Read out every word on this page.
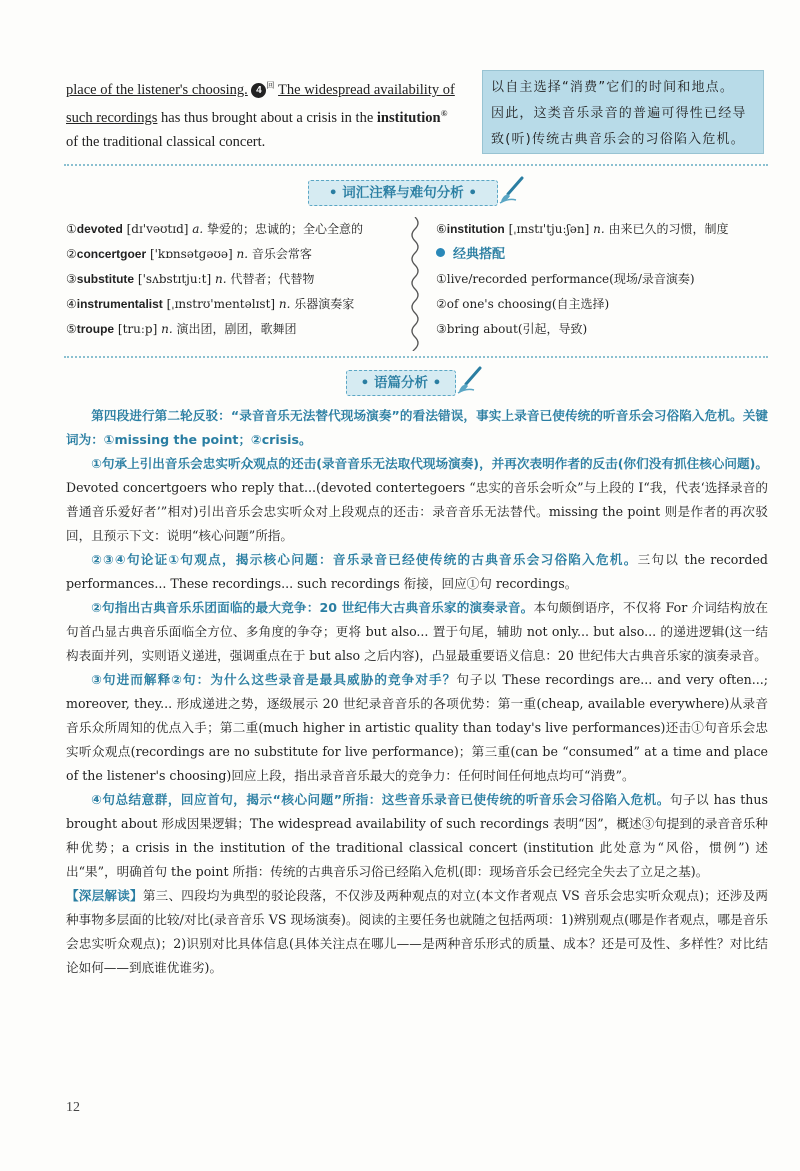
place of the listener's choosing. 4 $^回$ The widespread availability of

such recordings has thus brought about a crisis in the institution⑥

of the traditional classical concert.

以自主选择“消费”它们的时间和地点。

因此，这类音乐录音的普遍可得性已经导

致(听)传统古典音乐会的习俗陷入危机。

• 词汇注释与难句分析 •

①devoted [dɪ'vəʊtɪd] a. 挚爱的；忠诚的；全心全意的

②concertgoer ['kɒnsətɡəʊə] n. 音乐会常客

③substitute ['sʌbstɪtjuːt] n. 代替者；代替物

④instrumentalist [ˌɪnstrʊ'mentəlɪst] n. 乐器演奏家

⑤troupe [truːp] n. 演出团，剧团，歌舞团

⑥institution [ˌɪnstɪ'tjuːʃən] n. 由来已久的习惯，制度

经典搭配

①live/recorded performance(现场/录音演奏)

②of one's choosing(自主选择)

③bring about(引起，导致)

• 语篇分析 •

第四段进行第二轮反驳：“录音音乐无法替代现场演奏”的看法错误，事实上录音已使传统的听音乐会习俗陷入危机。关键词为：①missing the point；②crisis。

①句承上引出音乐会忠实听众观点的还击(录音音乐无法取代现场演奏)，并再次表明作者的反击(你们没有抓住核心问题)。Devoted concertgoers who reply that...(devoted contertegoers “忠实的音乐会听众”与上段的 I“我，代表‘选择录音的普通音乐爱好者’”相对)引出音乐会忠实听众对上段观点的还击：录音音乐无法替代。missing the point 则是作者的再次驳回，且预示下文：说明“核心问题”所指。

②③④句论证①句观点，揭示核心问题：音乐录音已经使传统的古典音乐会习俗陷入危机。三句以 the recorded performances... These recordings... such recordings 衔接，回应①句 recordings。

②句指出古典音乐乐团面临的最大竞争：20 世纪伟大古典音乐家的演奏录音。本句颇倒语序，不仅将 For 介词结构放在句首凸显古典音乐面临全方位、多角度的争夺；更将 but also... 置于句尾，辅助 not only... but also... 的递进逻辑(这一结构表面并列，实则语义递进，强调重点在于 but also 之后内容)，凸显最重要语义信息：20 世纪伟大古典音乐家的演奏录音。

③句进而解释②句：为什么这些录音是最具威胁的竞争对手？句子以 These recordings are... and very often...; moreover, they... 形成递进之势，逐级展示 20 世纪录音音乐的各项优势：第一重(cheap, available everywhere)从录音音乐众所周知的优点入手；第二重(much higher in artistic quality than today's live performances)还击①句音乐会忠实听众观点(recordings are no substitute for live performance)；第三重(can be “consumed” at a time and place of the listener's choosing)回应上段，指出录音音乐最大的竞争力：任何时间任何地点均可“消费”。

④句总结意群，回应首句，揭示“核心问题”所指：这些音乐录音已使传统的听音乐会习俗陷入危机。句子以 has thus brought about 形成因果逻辑；The widespread availability of such recordings 表明“因”，概述③句提到的录音音乐种种优势；a crisis in the institution of the traditional classical concert (institution 此处意为“风俗，惯例”) 述出“果”，明确首句 the point 所指：传统的古典音乐习俗已经陷入危机(即：现场音乐会已经完全失去了立足之基)。

【深层解读】第三、四段均为典型的驳论段落，不仅涉及两种观点的对立(本文作者观点 VS 音乐会忠实听众观点)；还涉及两种事物多层面的比较/对比(录音音乐 VS 现场演奏)。阅读的主要任务也就随之包括两项：1)辨别观点(哪是作者观点，哪是音乐会忠实听众观点)；2)识别对比具体信息(具体关注点在哪儿——是两种音乐形式的质量、成本？还是可及性、多样性？对比结论如何——到底谁优谁劣)。

12
